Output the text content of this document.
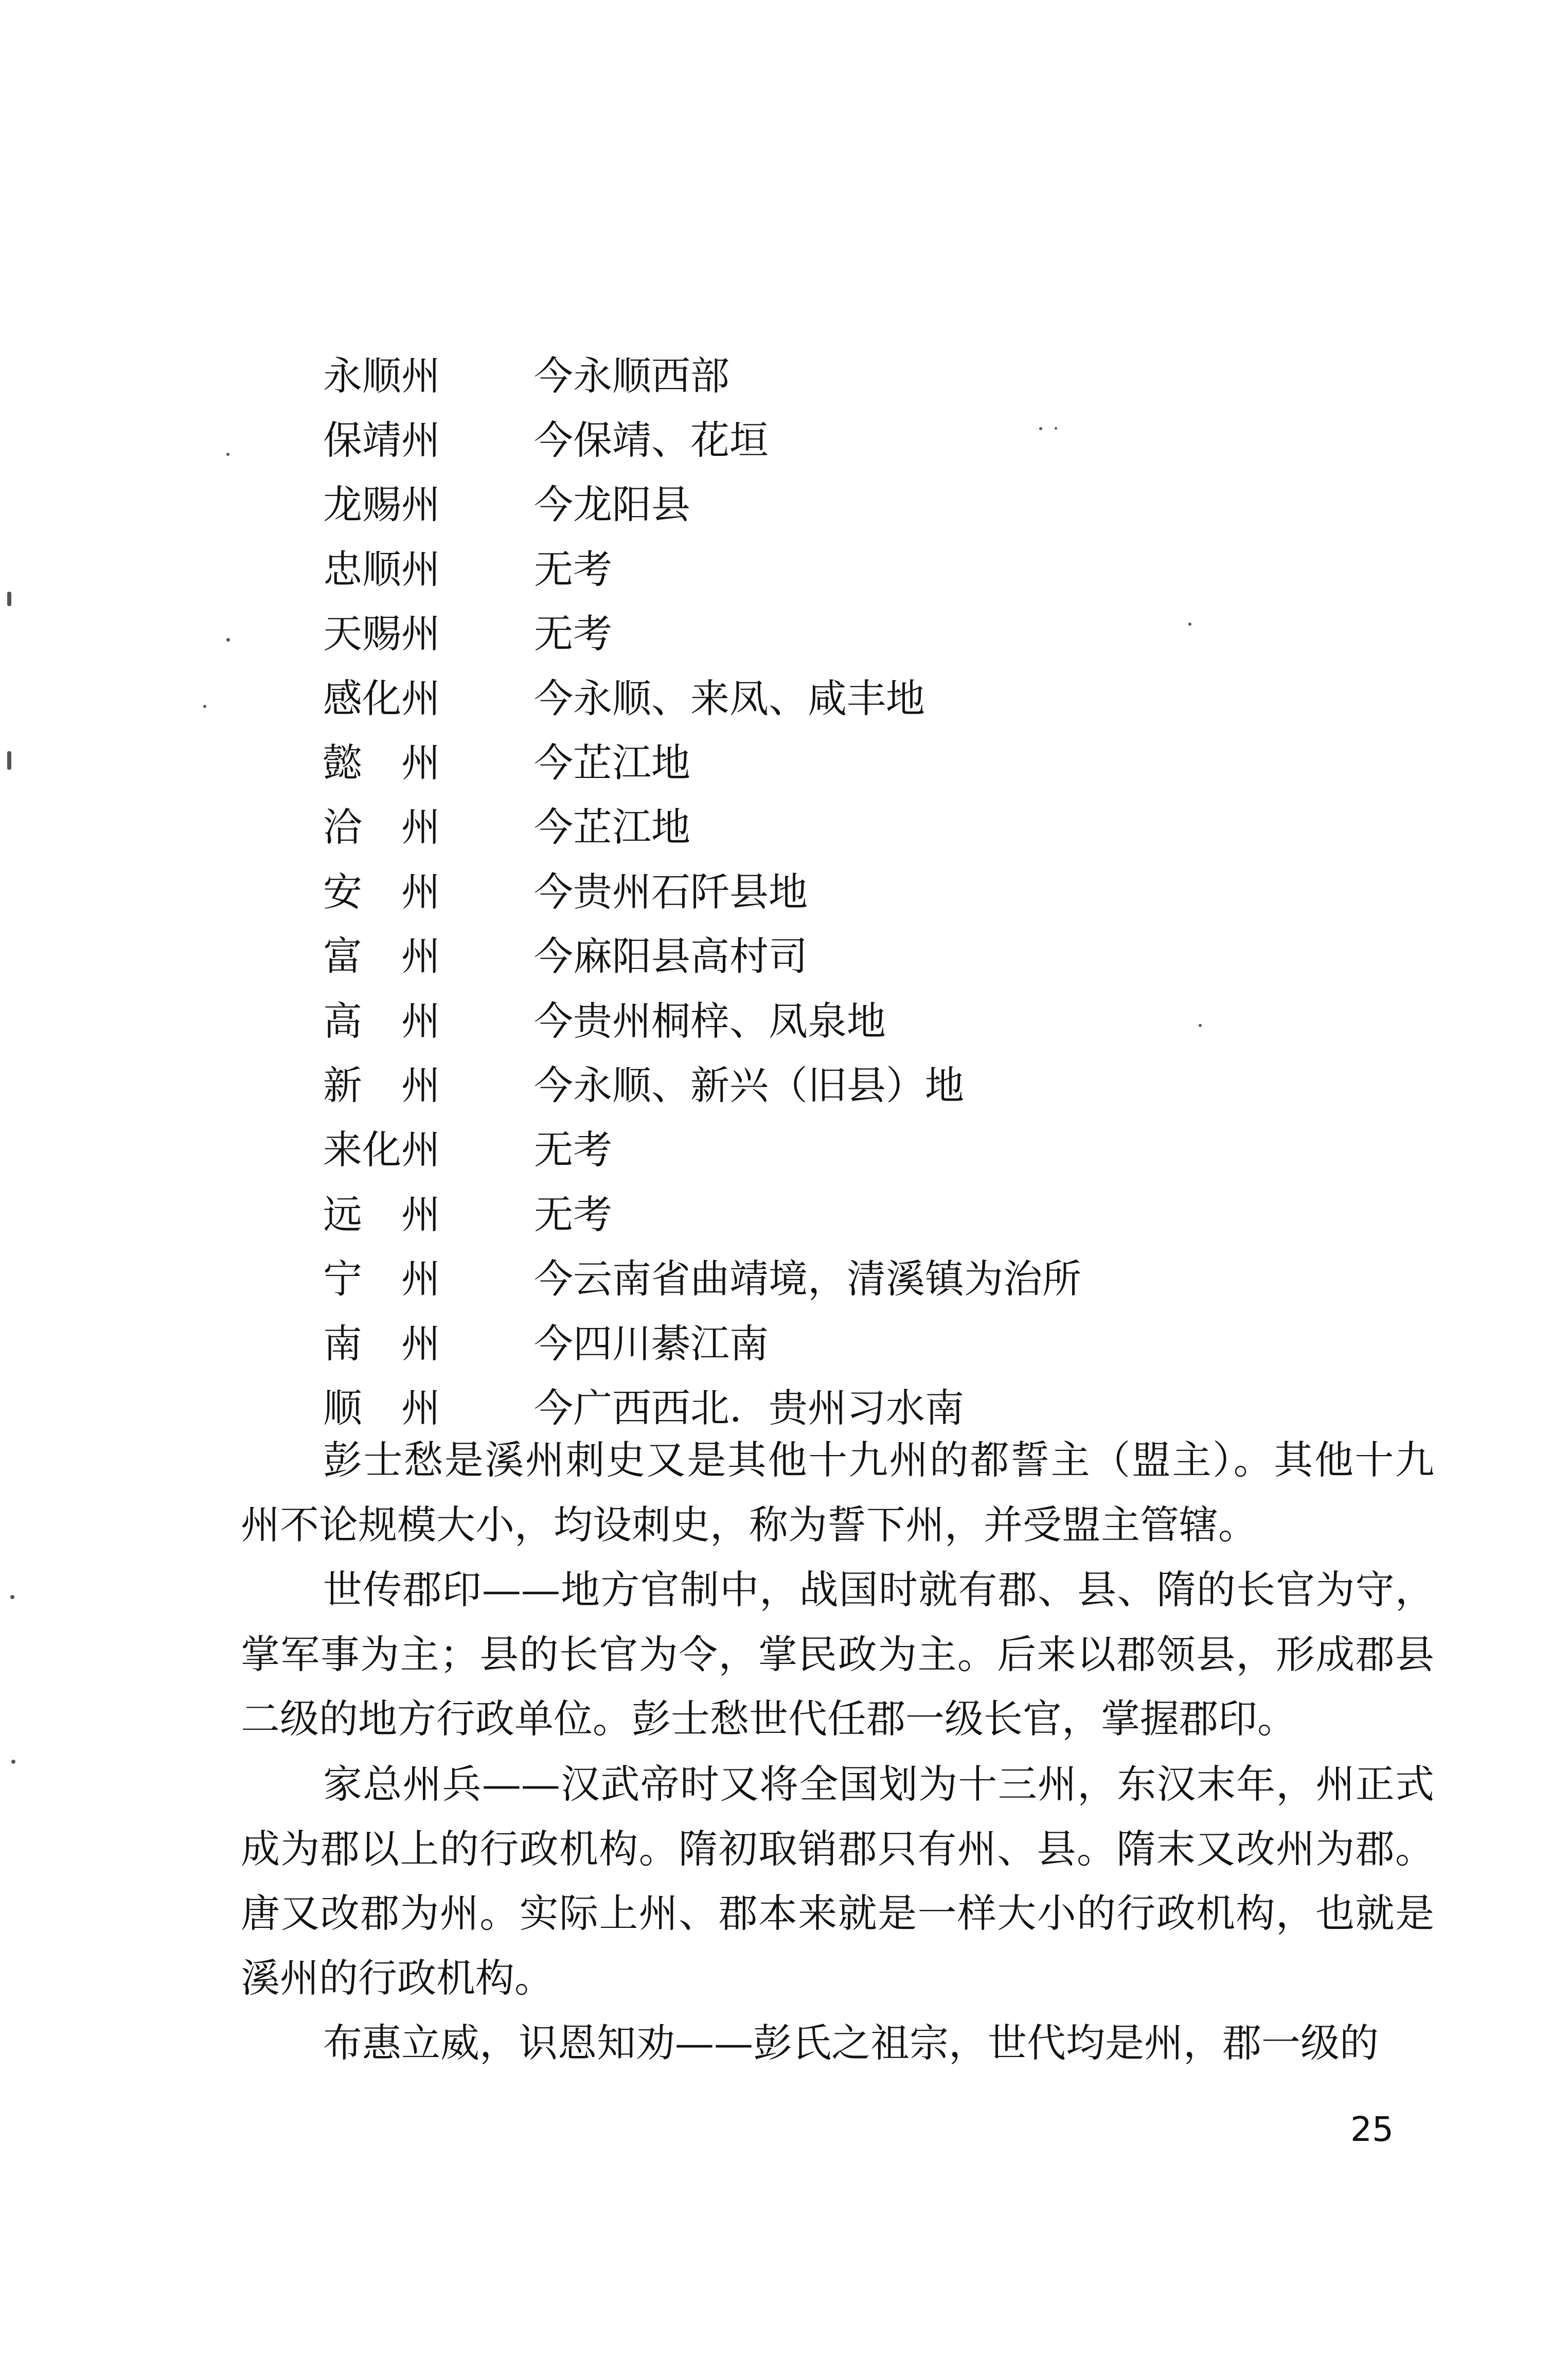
永顺州	今永顺西部
保靖州	今保靖、花垣
龙赐州	今龙阳县
忠顺州	无考
天赐州	无考
感化州	今永顺、来凤、咸丰地
懿　州	今芷江地
洽　州	今芷江地
安　州	今贵州石阡县地
富　州	今麻阳县高村司
高　州	今贵州桐梓、凤泉地
新　州	今永顺、新兴（旧县）地
来化州	无考
远　州	无考
宁　州	今云南省曲靖境，清溪镇为治所
南　州	今四川綦江南
顺　州	今广西西北．贵州习水南

彭士愁是溪州刺史又是其他十九州的都誓主（盟主）。其他十九州不论规模大小，均设刺史，称为誓下州，并受盟主管辖。

世传郡印——地方官制中，战国时就有郡、县、隋的长官为守，掌军事为主；县的长官为令，掌民政为主。后来以郡领县，形成郡县二级的地方行政单位。彭士愁世代任郡一级长官，掌握郡印。

家总州兵——汉武帝时又将全国划为十三州，东汉末年，州正式成为郡以上的行政机构。隋初取销郡只有州、县。隋末又改州为郡。唐又改郡为州。实际上州、郡本来就是一样大小的行政机构，也就是溪州的行政机构。

布惠立威，识恩知劝——彭氏之祖宗，世代均是州，郡一级的

25
